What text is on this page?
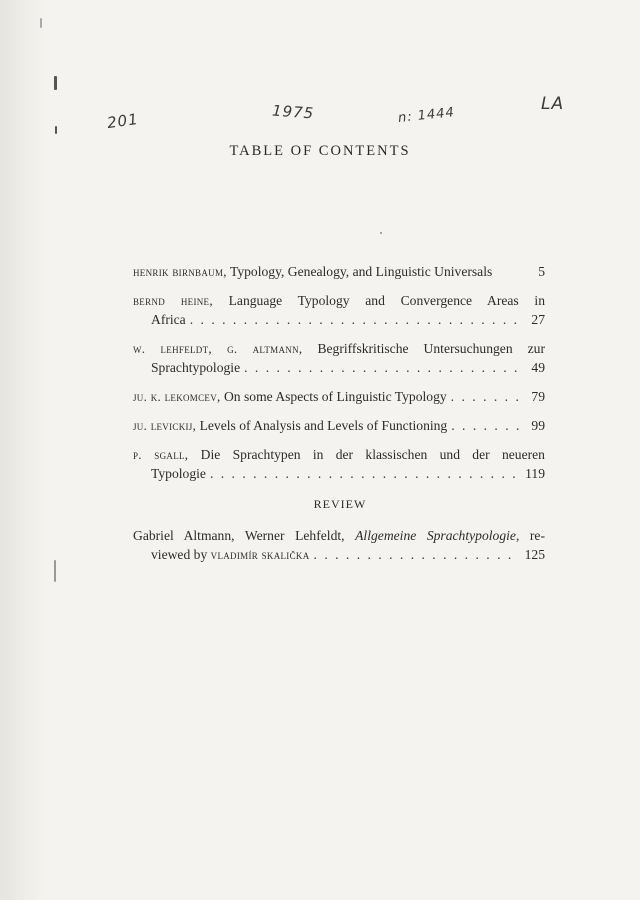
201	1975	n: 1444
LA
TABLE OF CONTENTS
henrik birnbaum, Typology, Genealogy, and Linguistic Universals	5
bernd heine, Language Typology and Convergence Areas in
Africa . . .	27
w. lehfeldt, g. altmann, Begriffskritische Untersuchungen zur
Sprachtypologie . . .	49
ju. k. lekomcev, On some Aspects of Linguistic Typology . . .	79
ju. levickij, Levels of Analysis and Levels of Functioning . . .	99
p. sgall, Die Sprachtypen in der klassischen und der neueren
Typologie . . .	119
REVIEW
Gabriel Altmann, Werner Lehfeldt, Allgemeine Sprachtypologie, re-
viewed by vladimír skalička . . .	125
